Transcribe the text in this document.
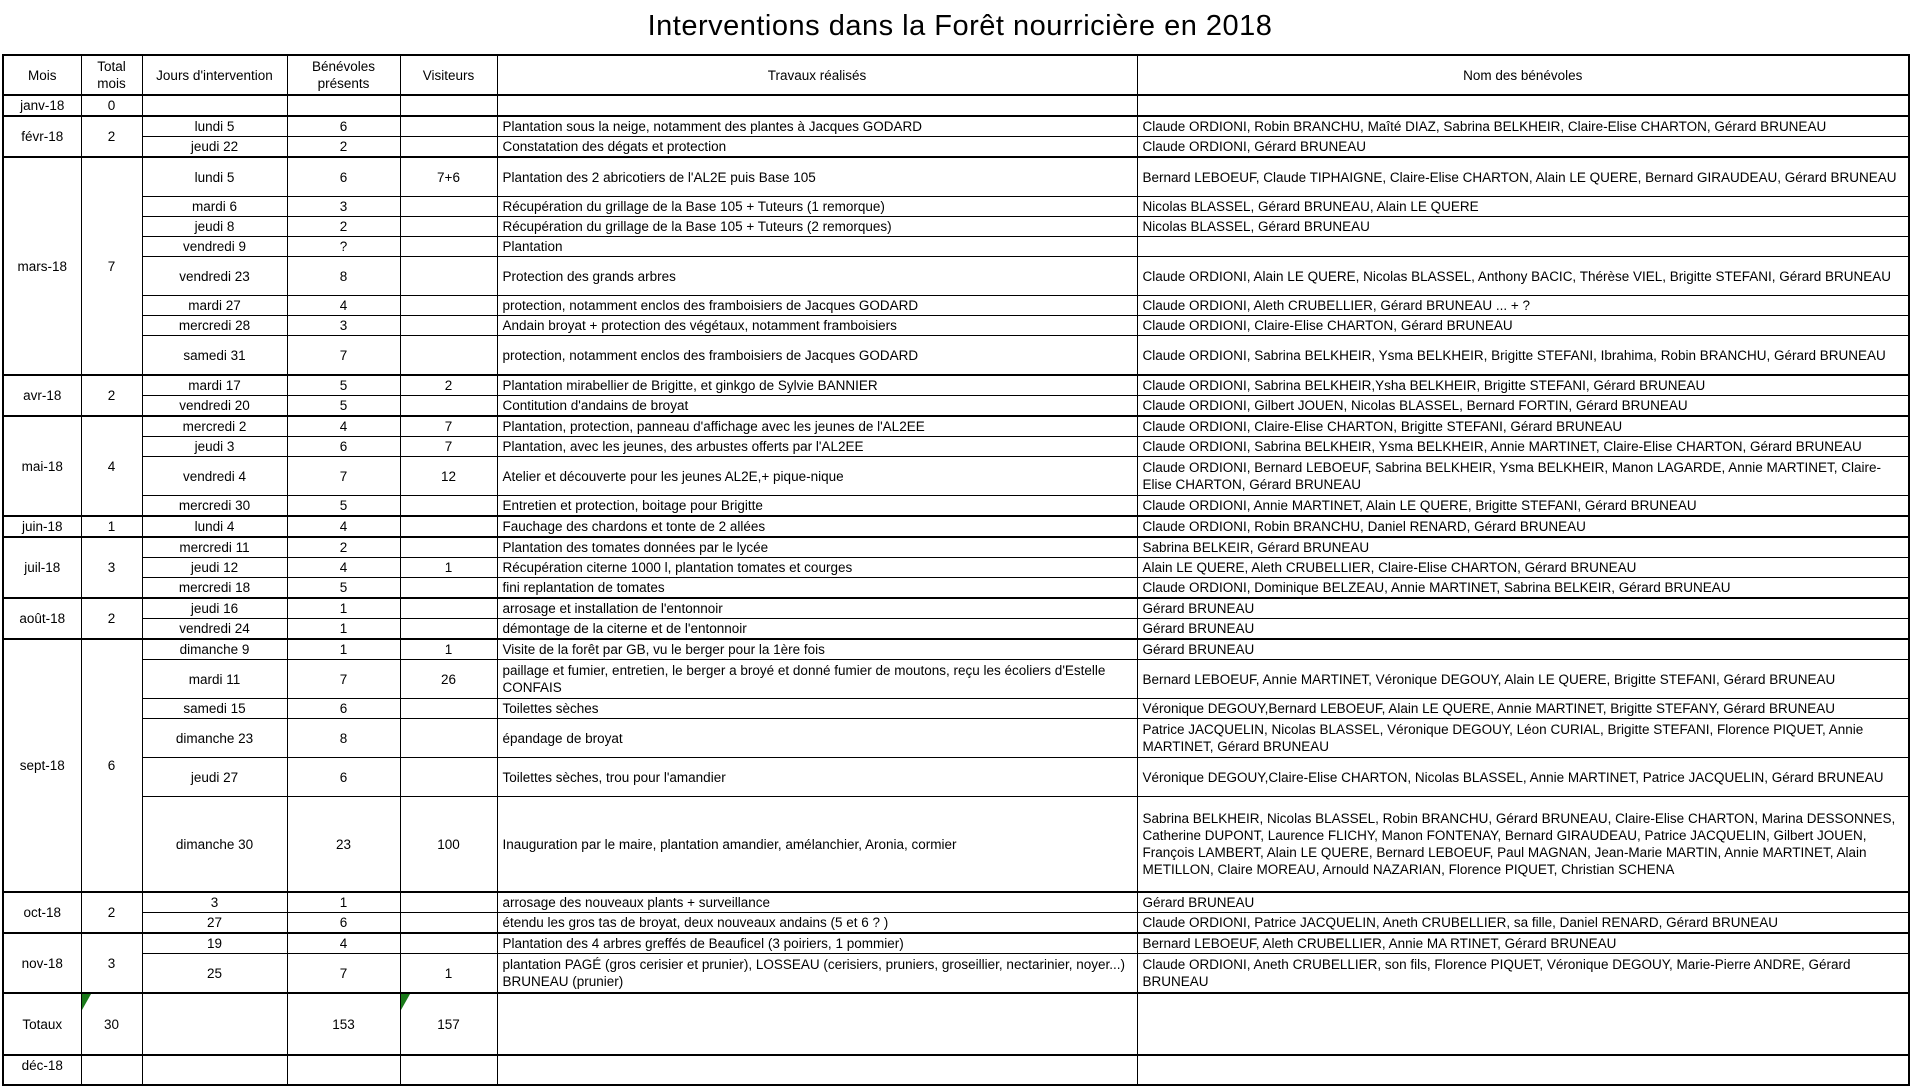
Interventions dans la Forêt nourricière en 2018
Mois	Total mois	Jours d'intervention	Bénévoles présents	Visiteurs	Travaux réalisés	Nom des bénévoles
janv-18	0					
févr-18	2	lundi 5	6		Plantation sous la neige, notamment des plantes à Jacques GODARD	Claude ORDIONI, Robin BRANCHU, Maîté DIAZ, Sabrina BELKHEIR, Claire-Elise CHARTON, Gérard BRUNEAU
		jeudi 22	2		Constatation des dégats et protection	Claude ORDIONI, Gérard BRUNEAU
mars-18	7	lundi 5	6	7+6	Plantation des 2 abricotiers de l'AL2E puis Base 105	Bernard LEBOEUF, Claude TIPHAIGNE, Claire-Elise CHARTON, Alain LE QUERE, Bernard GIRAUDEAU, Gérard BRUNEAU
		mardi 6	3		Récupération du grillage de la Base 105 + Tuteurs (1 remorque)	Nicolas BLASSEL, Gérard BRUNEAU, Alain LE QUERE
		jeudi 8	2		Récupération du grillage de la Base 105 + Tuteurs (2 remorques)	Nicolas BLASSEL, Gérard BRUNEAU
		vendredi 9	?		Plantation	
		vendredi 23	8		Protection des grands arbres	Claude ORDIONI, Alain LE QUERE, Nicolas BLASSEL, Anthony BACIC, Thérèse VIEL, Brigitte STEFANI, Gérard BRUNEAU
		mardi 27	4		protection, notamment enclos des framboisiers de Jacques GODARD	Claude ORDIONI, Aleth CRUBELLIER, Gérard BRUNEAU ... + ?
		mercredi 28	3		Andain broyat + protection des végétaux, notamment framboisiers	Claude ORDIONI, Claire-Elise CHARTON, Gérard BRUNEAU
		samedi 31	7		protection, notamment enclos des framboisiers de Jacques GODARD	Claude ORDIONI, Sabrina BELKHEIR, Ysma BELKHEIR, Brigitte STEFANI, Ibrahima, Robin BRANCHU, Gérard BRUNEAU
avr-18	2	mardi 17	5	2	Plantation mirabellier de Brigitte, et ginkgo de Sylvie BANNIER	Claude ORDIONI, Sabrina BELKHEIR,Ysha BELKHEIR, Brigitte STEFANI, Gérard BRUNEAU
		vendredi 20	5		Contitution d'andains de broyat	Claude ORDIONI, Gilbert JOUEN, Nicolas BLASSEL, Bernard FORTIN, Gérard BRUNEAU
mai-18	4	mercredi 2	4	7	Plantation, protection, panneau d'affichage avec les jeunes de l'AL2EE	Claude ORDIONI, Claire-Elise CHARTON, Brigitte STEFANI, Gérard BRUNEAU
		jeudi 3	6	7	Plantation, avec les jeunes, des arbustes offerts par l'AL2EE	Claude ORDIONI, Sabrina BELKHEIR, Ysma BELKHEIR, Annie MARTINET, Claire-Elise CHARTON, Gérard BRUNEAU
		vendredi 4	7	12	Atelier et découverte pour les jeunes AL2E,+ pique-nique	Claude ORDIONI, Bernard LEBOEUF, Sabrina BELKHEIR, Ysma BELKHEIR, Manon LAGARDE, Annie MARTINET, Claire-Elise CHARTON, Gérard BRUNEAU
		mercredi 30	5		Entretien et protection, boitage pour Brigitte	Claude ORDIONI, Annie MARTINET, Alain LE QUERE, Brigitte STEFANI, Gérard BRUNEAU
juin-18	1	lundi 4	4		Fauchage des chardons et tonte de 2 allées	Claude ORDIONI, Robin BRANCHU, Daniel RENARD, Gérard BRUNEAU
juil-18	3	mercredi 11	2		Plantation des tomates données par le lycée	Sabrina BELKEIR, Gérard BRUNEAU
		jeudi 12	4	1	Récupération citerne 1000 l, plantation tomates et courges	Alain LE QUERE, Aleth CRUBELLIER, Claire-Elise CHARTON, Gérard BRUNEAU
		mercredi 18	5		fini replantation de tomates	Claude ORDIONI, Dominique BELZEAU, Annie MARTINET, Sabrina BELKEIR, Gérard BRUNEAU
août-18	2	jeudi 16	1		arrosage et installation de l'entonnoir	Gérard BRUNEAU
		vendredi 24	1		démontage de la citerne et de l'entonnoir	Gérard BRUNEAU
sept-18	6	dimanche 9	1	1	Visite de la forêt par GB, vu le berger pour la 1ère fois	Gérard BRUNEAU
		mardi 11	7	26	paillage et fumier, entretien, le berger a broyé et donné fumier de moutons, reçu les écoliers d'Estelle CONFAIS	Bernard LEBOEUF, Annie MARTINET, Véronique DEGOUY, Alain LE QUERE, Brigitte STEFANI, Gérard BRUNEAU
		samedi 15	6		Toilettes sèches	Véronique DEGOUY,Bernard LEBOEUF, Alain LE QUERE, Annie MARTINET, Brigitte STEFANY, Gérard BRUNEAU
		dimanche 23	8		épandage de broyat	Patrice JACQUELIN, Nicolas BLASSEL, Véronique DEGOUY, Léon CURIAL, Brigitte STEFANI, Florence PIQUET, Annie MARTINET, Gérard BRUNEAU
		jeudi 27	6		Toilettes sèches, trou pour l'amandier	Véronique DEGOUY,Claire-Elise CHARTON, Nicolas BLASSEL, Annie MARTINET, Patrice JACQUELIN, Gérard BRUNEAU
		dimanche 30	23	100	Inauguration par le maire, plantation amandier, amélanchier, Aronia, cormier	Sabrina BELKHEIR, Nicolas BLASSEL, Robin BRANCHU, Gérard BRUNEAU, Claire-Elise CHARTON, Marina DESSONNES, Catherine DUPONT, Laurence FLICHY, Manon FONTENAY, Bernard GIRAUDEAU, Patrice JACQUELIN, Gilbert JOUEN, François LAMBERT, Alain LE QUERE, Bernard LEBOEUF, Paul MAGNAN, Jean-Marie MARTIN, Annie MARTINET, Alain METILLON, Claire MOREAU, Arnould NAZARIAN, Florence PIQUET, Christian SCHENA
oct-18	2	3	1		arrosage des nouveaux plants + surveillance	Gérard BRUNEAU
		27	6		étendu les gros tas de broyat, deux nouveaux andains (5 et 6 ? )	Claude ORDIONI, Patrice JACQUELIN, Aneth CRUBELLIER, sa fille, Daniel RENARD, Gérard BRUNEAU
nov-18	3	19	4		Plantation des 4 arbres greffés de Beauficel (3 poiriers, 1 pommier)	Bernard LEBOEUF, Aleth CRUBELLIER, Annie MA RTINET, Gérard BRUNEAU
		25	7	1	plantation PAGÉ (gros cerisier et prunier), LOSSEAU (cerisiers, pruniers, groseillier, nectarinier, noyer...) BRUNEAU (prunier)	Claude ORDIONI, Aneth CRUBELLIER, son fils, Florence PIQUET, Véronique DEGOUY, Marie-Pierre ANDRE, Gérard BRUNEAU
Totaux	30		153	157		
déc-18						
